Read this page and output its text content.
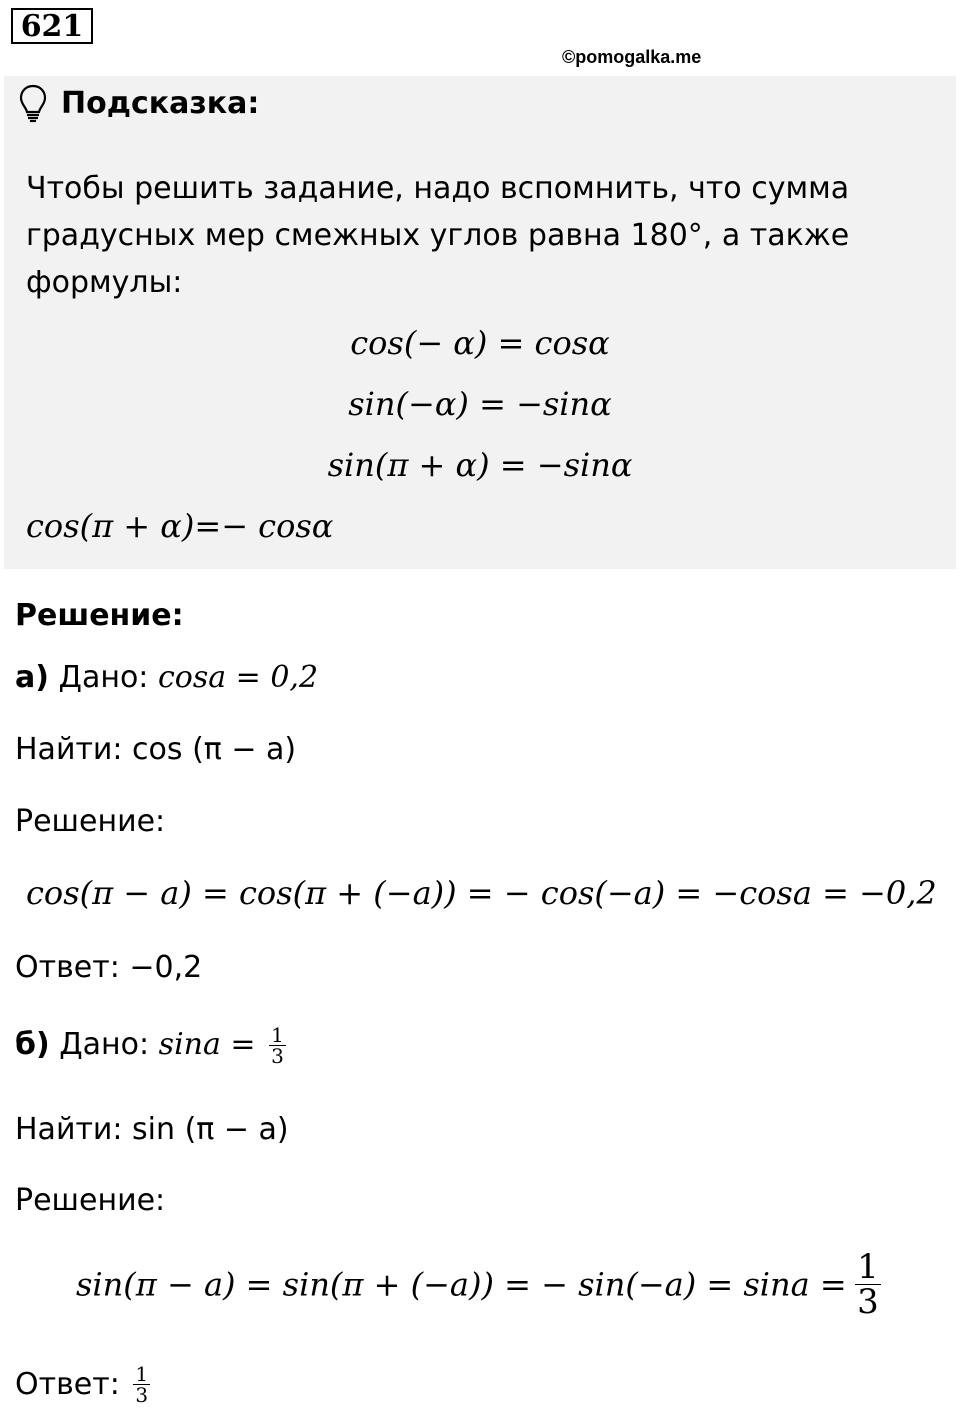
621
©pomogalka.me
Подсказка:
Чтобы решить задание, надо вспомнить, что сумма
градусных мер смежных углов равна 180°, а также
формулы:
cos(− α) = cosα
sin(−α) = −sinα
sin(π + α) = −sinα
cos(π + α)=− cosα
Решение:
а) Дано: cosa = 0,2
Найти: cos (π − a)
Решение:
cos(π − a) = cos(π + (−a)) = − cos(−a) = −cosa = −0,2
Ответ: −0,2
б) Дано: $\sin a = \frac{1}{3}$
Найти: sin (π − a)
Решение:
sin(π − a) = sin(π + (−a)) = − $\sin(-a) = \sin a = \frac{1}{3}$
Ответ: $\frac{1}{3}$
